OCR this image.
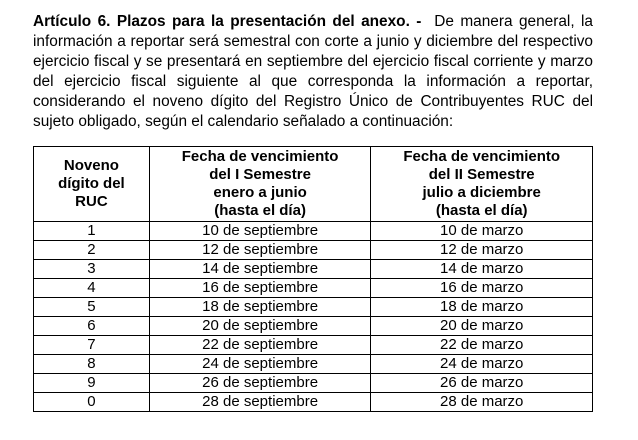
Artículo 6. Plazos para la presentación del anexo. - De manera general, la información a reportar será semestral con corte a junio y diciembre del respectivo ejercicio fiscal y se presentará en septiembre del ejercicio fiscal corriente y marzo del ejercicio fiscal siguiente al que corresponda la información a reportar, considerando el noveno dígito del Registro Único de Contribuyentes RUC del sujeto obligado, según el calendario señalado a continuación:

Noveno
dígito del
RUC	Fecha de vencimiento
del I Semestre
enero a junio
(hasta el día)	Fecha de vencimiento
del II Semestre
julio a diciembre
(hasta el día)

1	10 de septiembre	10 de marzo
2	12 de septiembre	12 de marzo
3	14 de septiembre	14 de marzo
4	16 de septiembre	16 de marzo
5	18 de septiembre	18 de marzo
6	20 de septiembre	20 de marzo
7	22 de septiembre	22 de marzo
8	24 de septiembre	24 de marzo
9	26 de septiembre	26 de marzo
0	28 de septiembre	28 de marzo
